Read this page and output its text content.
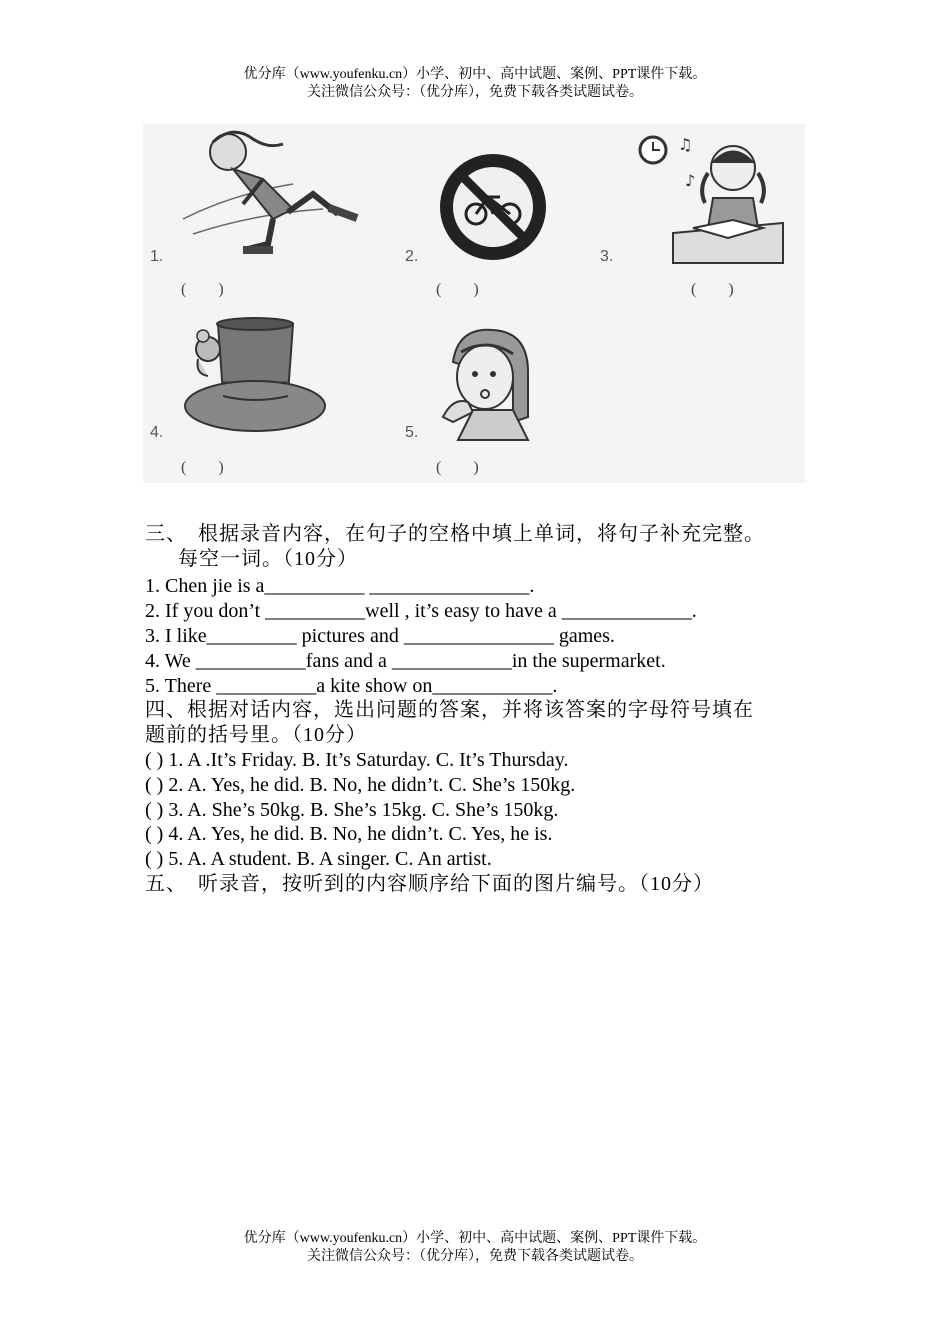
优分库（www.youfenku.cn）小学、初中、高中试题、案例、PPT课件下载。
关注微信公众号：（优分库），免费下载各类试题试卷。
1.
(　　)
2.
(　　)
♫
♪
3.
(　　)
4.
(　　)
5.
(　　)
三、　根据录音内容，在句子的空格中填上单词，将句子补充完整。
每空一词。（10分）
1. Chen jie is a__________ ________________.
2. If you don’t __________well , it’s easy to have a _____________.
3. I like_________ pictures and _______________ games.
4. We ___________fans and a ____________in the supermarket.
5. There __________a kite show on____________.
四、根据对话内容，选出问题的答案，并将该答案的字母符号填在
题前的括号里。（10分）
( ) 1. A .It’s Friday. B. It’s Saturday. C. It’s Thursday.
( ) 2. A. Yes, he did. B. No, he didn’t. C. She’s 150kg.
( ) 3. A. She’s 50kg. B. She’s 15kg. C. She’s 150kg.
( ) 4. A. Yes, he did. B. No, he didn’t. C. Yes, he is.
( ) 5. A. A student. B. A singer. C. An artist.
五、　听录音，按听到的内容顺序给下面的图片编号。（10分）
优分库（www.youfenku.cn）小学、初中、高中试题、案例、PPT课件下载。
关注微信公众号：（优分库），免费下载各类试题试卷。
